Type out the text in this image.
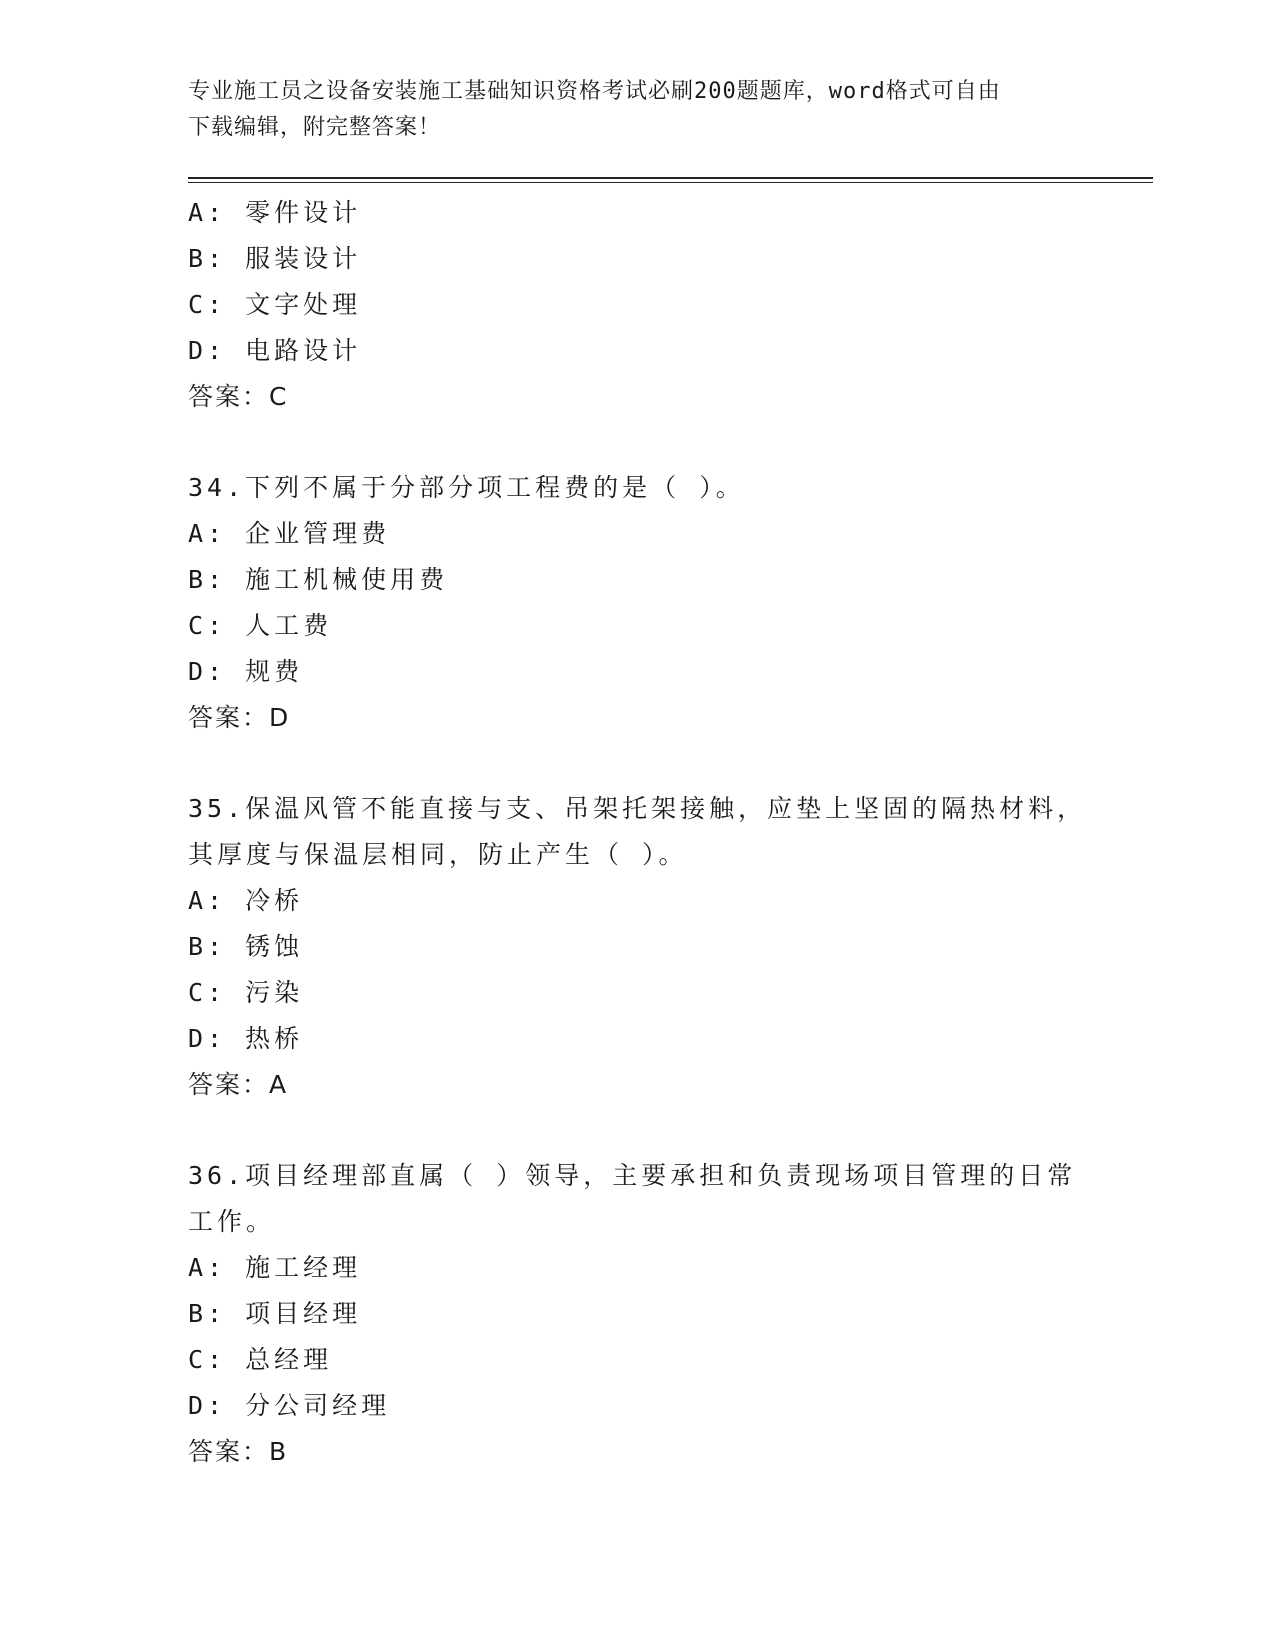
专业施工员之设备安装施工基础知识资格考试必刷200题题库，word格式可自由
下载编辑，附完整答案！
A: 零件设计
B: 服装设计
C: 文字处理
D: 电路设计
答案：C
34.下列不属于分部分项工程费的是（ ）。
A: 企业管理费
B: 施工机械使用费
C: 人工费
D: 规费
答案：D
35.保温风管不能直接与支、吊架托架接触，应垫上坚固的隔热材料，
其厚度与保温层相同，防止产生（ ）。
A: 冷桥
B: 锈蚀
C: 污染
D: 热桥
答案：A
36.项目经理部直属（ ）领导，主要承担和负责现场项目管理的日常
工作。
A: 施工经理
B: 项目经理
C: 总经理
D: 分公司经理
答案：B
